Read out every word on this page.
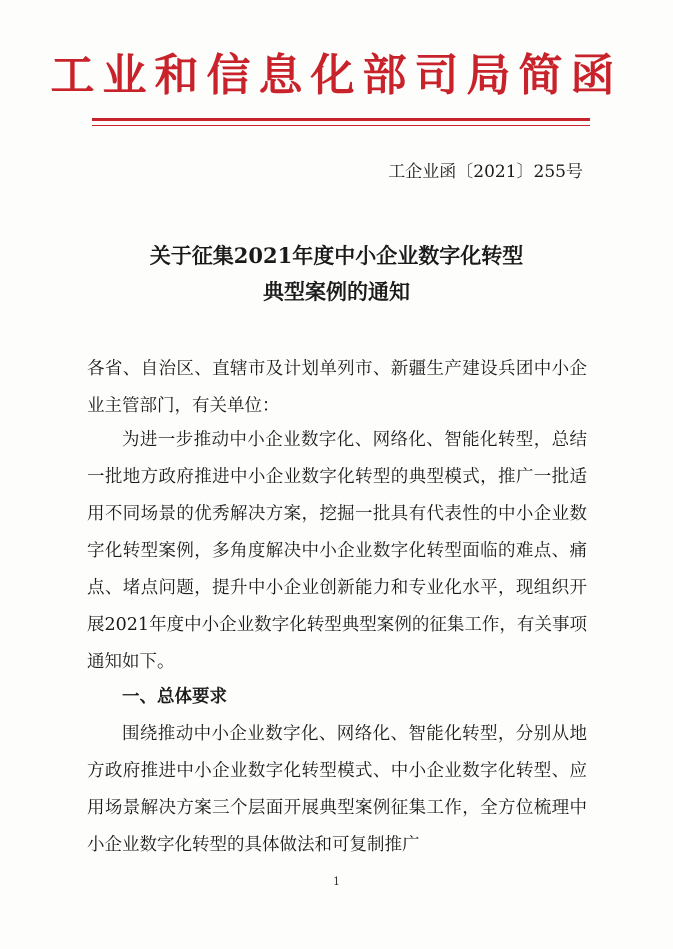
工业和信息化部司局简函
工企业函〔2021〕255号
关于征集2021年度中小企业数字化转型
典型案例的通知
各省、自治区、直辖市及计划单列市、新疆生产建设兵团中小企业主管部门，有关单位：
为进一步推动中小企业数字化、网络化、智能化转型，总结一批地方政府推进中小企业数字化转型的典型模式，推广一批适用不同场景的优秀解决方案，挖掘一批具有代表性的中小企业数字化转型案例，多角度解决中小企业数字化转型面临的难点、痛点、堵点问题，提升中小企业创新能力和专业化水平，现组织开展2021年度中小企业数字化转型典型案例的征集工作，有关事项通知如下。
一、总体要求
围绕推动中小企业数字化、网络化、智能化转型，分别从地方政府推进中小企业数字化转型模式、中小企业数字化转型、应用场景解决方案三个层面开展典型案例征集工作，全方位梳理中小企业数字化转型的具体做法和可复制推广
1
